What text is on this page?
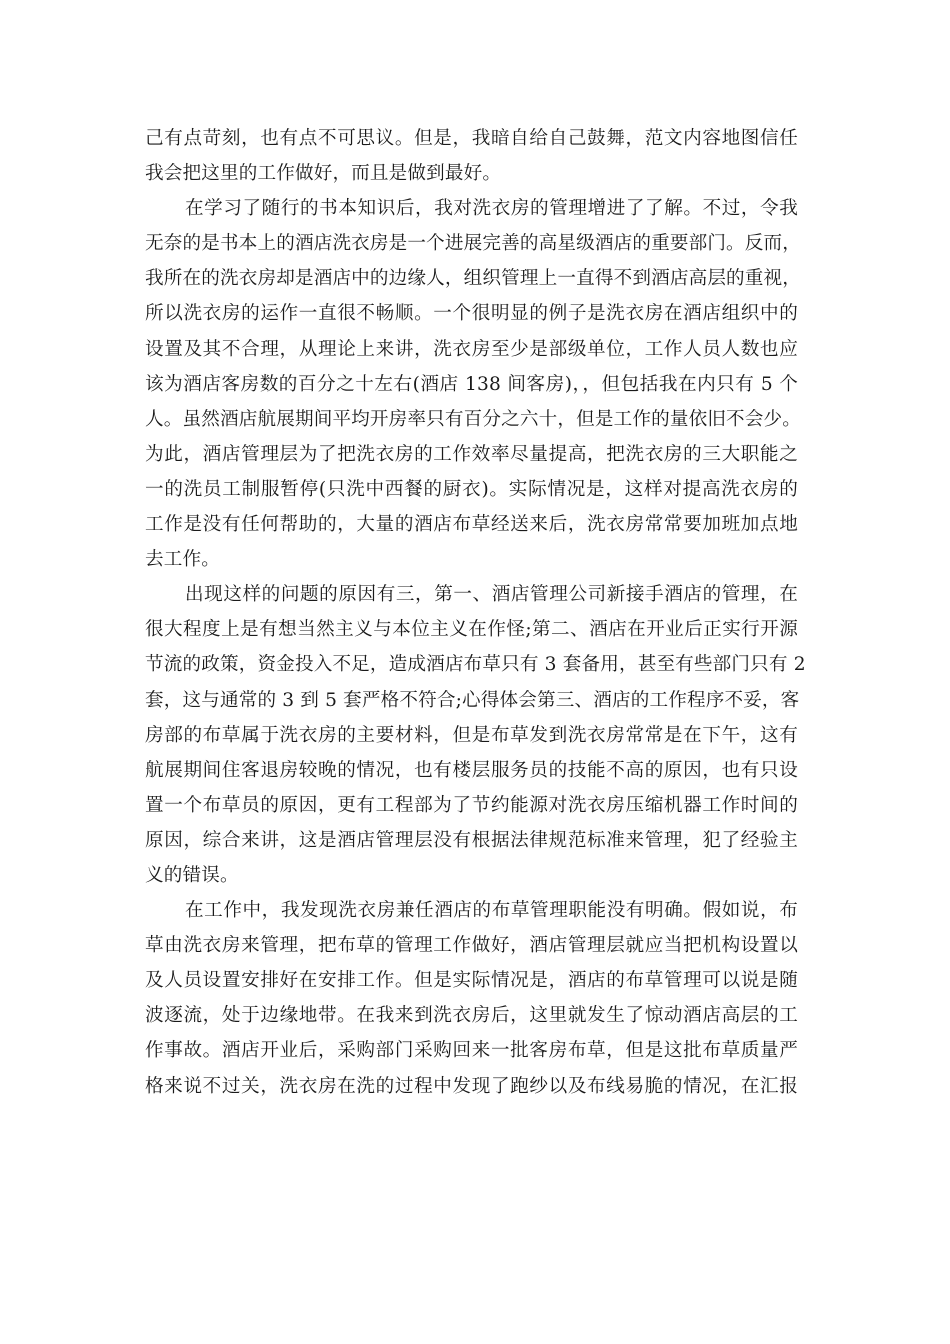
己有点苛刻，也有点不可思议。但是，我暗自给自己鼓舞，范文内容地图信任
我会把这里的工作做好，而且是做到最好。
在学习了随行的书本知识后，我对洗衣房的管理增进了了解。不过，令我
无奈的是书本上的酒店洗衣房是一个进展完善的高星级酒店的重要部门。反而，
我所在的洗衣房却是酒店中的边缘人，组织管理上一直得不到酒店高层的重视，
所以洗衣房的运作一直很不畅顺。一个很明显的例子是洗衣房在酒店组织中的
设置及其不合理，从理论上来讲，洗衣房至少是部级单位，工作人员人数也应
该为酒店客房数的百分之十左右(酒店 138 间客房)，，但包括我在内只有 5 个
人。虽然酒店航展期间平均开房率只有百分之六十，但是工作的量依旧不会少。
为此，酒店管理层为了把洗衣房的工作效率尽量提高，把洗衣房的三大职能之
一的洗员工制服暂停(只洗中西餐的厨衣)。实际情况是，这样对提高洗衣房的
工作是没有任何帮助的，大量的酒店布草经送来后，洗衣房常常要加班加点地
去工作。
出现这样的问题的原因有三，第一、酒店管理公司新接手酒店的管理，在
很大程度上是有想当然主义与本位主义在作怪;第二、酒店在开业后正实行开源
节流的政策，资金投入不足，造成酒店布草只有 3 套备用，甚至有些部门只有 2
套，这与通常的 3 到 5 套严格不符合;心得体会第三、酒店的工作程序不妥，客
房部的布草属于洗衣房的主要材料，但是布草发到洗衣房常常是在下午，这有
航展期间住客退房较晚的情况，也有楼层服务员的技能不高的原因，也有只设
置一个布草员的原因，更有工程部为了节约能源对洗衣房压缩机器工作时间的
原因，综合来讲，这是酒店管理层没有根据法律规范标准来管理，犯了经验主
义的错误。
在工作中，我发现洗衣房兼任酒店的布草管理职能没有明确。假如说，布
草由洗衣房来管理，把布草的管理工作做好，酒店管理层就应当把机构设置以
及人员设置安排好在安排工作。但是实际情况是，酒店的布草管理可以说是随
波逐流，处于边缘地带。在我来到洗衣房后，这里就发生了惊动酒店高层的工
作事故。酒店开业后，采购部门采购回来一批客房布草，但是这批布草质量严
格来说不过关，洗衣房在洗的过程中发现了跑纱以及布线易脆的情况，在汇报
